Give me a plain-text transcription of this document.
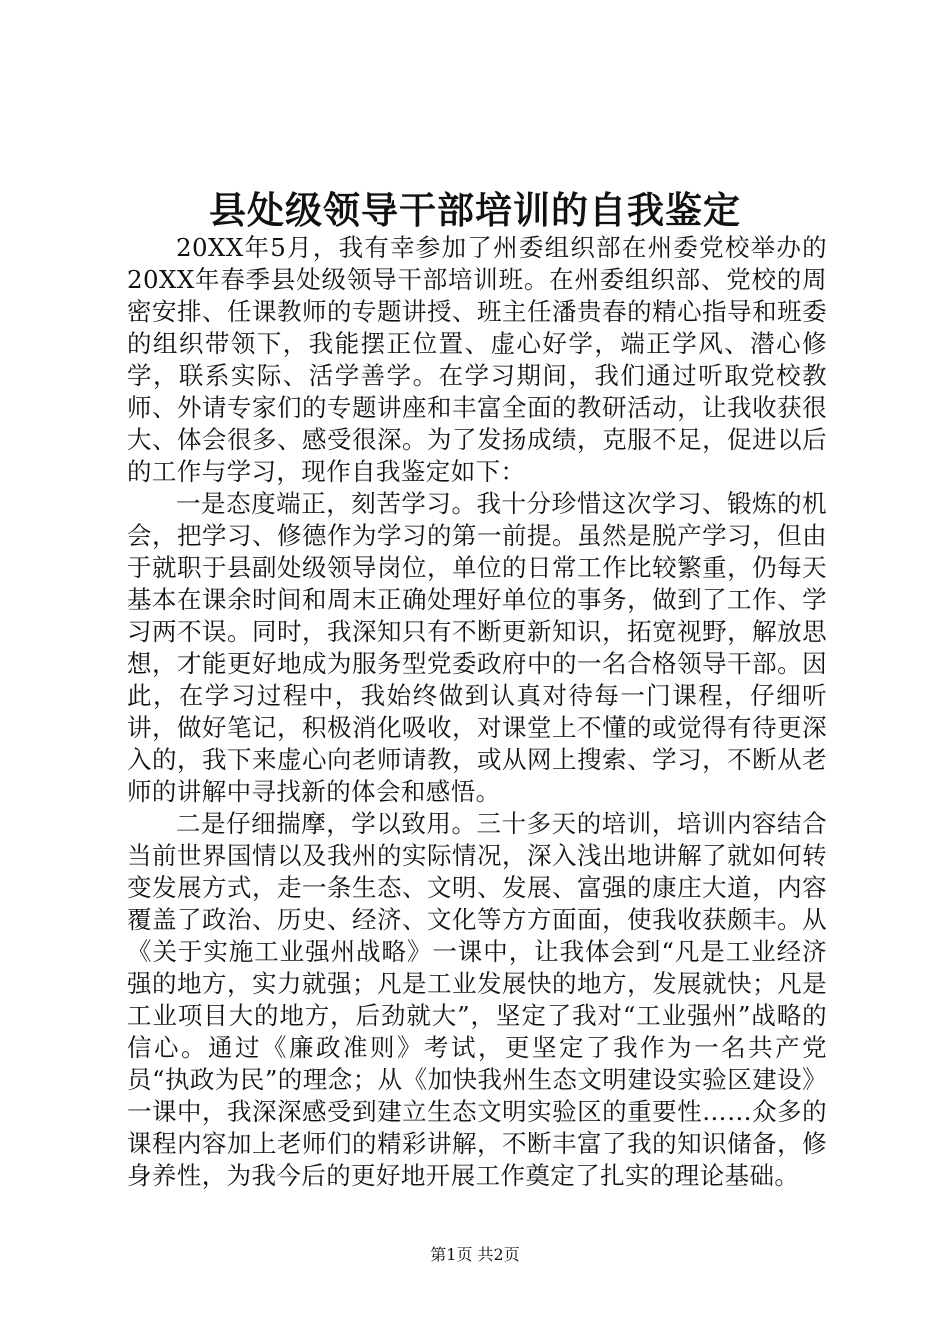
县处级领导干部培训的自我鉴定

20XX年5月，我有幸参加了州委组织部在州委党校举办的20XX年春季县处级领导干部培训班。在州委组织部、党校的周密安排、任课教师的专题讲授、班主任潘贵春的精心指导和班委的组织带领下，我能摆正位置、虚心好学，端正学风、潜心修学，联系实际、活学善学。在学习期间，我们通过听取党校教师、外请专家们的专题讲座和丰富全面的教研活动，让我收获很大、体会很多、感受很深。为了发扬成绩，克服不足，促进以后的工作与学习，现作自我鉴定如下：

一是态度端正，刻苦学习。我十分珍惜这次学习、锻炼的机会，把学习、修德作为学习的第一前提。虽然是脱产学习，但由于就职于县副处级领导岗位，单位的日常工作比较繁重，仍每天基本在课余时间和周末正确处理好单位的事务，做到了工作、学习两不误。同时，我深知只有不断更新知识，拓宽视野，解放思想，才能更好地成为服务型党委政府中的一名合格领导干部。因此，在学习过程中，我始终做到认真对待每一门课程，仔细听讲，做好笔记，积极消化吸收，对课堂上不懂的或觉得有待更深入的，我下来虚心向老师请教，或从网上搜索、学习，不断从老师的讲解中寻找新的体会和感悟。

二是仔细揣摩，学以致用。三十多天的培训，培训内容结合当前世界国情以及我州的实际情况，深入浅出地讲解了就如何转变发展方式，走一条生态、文明、发展、富强的康庄大道，内容覆盖了政治、历史、经济、文化等方方面面，使我收获颇丰。从《关于实施工业强州战略》一课中，让我体会到“凡是工业经济强的地方，实力就强；凡是工业发展快的地方，发展就快；凡是工业项目大的地方，后劲就大”，坚定了我对“工业强州”战略的信心。通过《廉政准则》考试，更坚定了我作为一名共产党员“执政为民”的理念；从《加快我州生态文明建设实验区建设》一课中，我深深感受到建立生态文明实验区的重要性……众多的课程内容加上老师们的精彩讲解，不断丰富了我的知识储备，修身养性，为我今后的更好地开展工作奠定了扎实的理论基础。

第1页 共2页
